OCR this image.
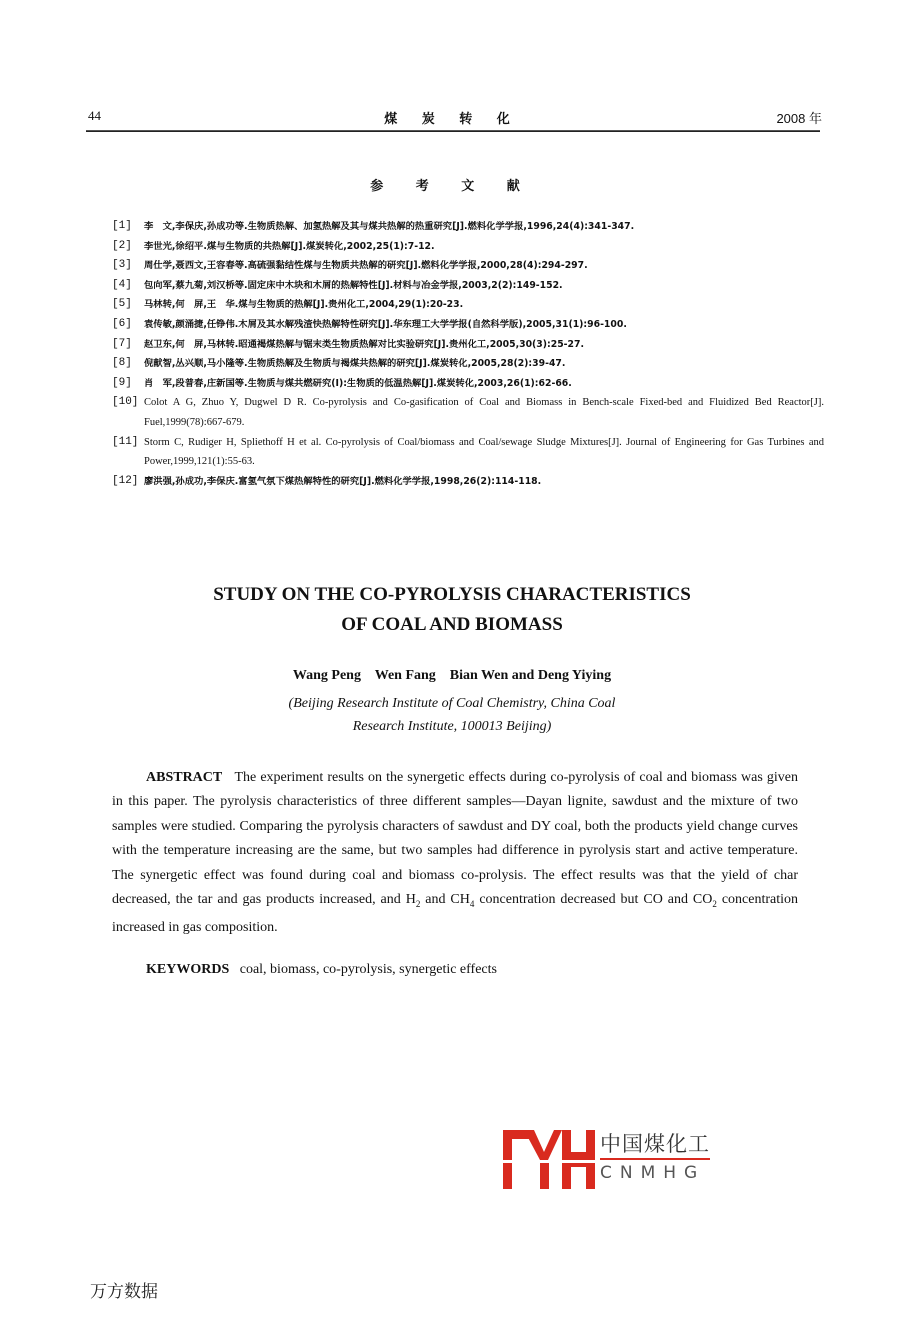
44	煤 炭 转 化	2008 年
参 考 文 献
[1] 李　文,李保庆,孙成功等.生物质热解、加氢热解及其与煤共热解的热重研究[J].燃料化学学报,1996,24(4):341-347.
[2] 李世光,徐绍平.煤与生物质的共热解[J].煤炭转化,2002,25(1):7-12.
[3] 周仕学,聂西文,王容春等.高硫强黏结性煤与生物质共热解的研究[J].燃料化学学报,2000,28(4):294-297.
[4] 包向军,蔡九菊,刘汉桥等.固定床中木块和木屑的热解特性[J].材料与冶金学报,2003,2(2):149-152.
[5] 马林转,何　屏,王　华.煤与生物质的热解[J].贵州化工,2004,29(1):20-23.
[6] 袁传敏,颜涌捷,任铮伟.木屑及其水解残渣快热解特性研究[J].华东理工大学学报(自然科学版),2005,31(1):96-100.
[7] 赵卫东,何　屏,马林转.昭通褐煤热解与锯末类生物质热解对比实验研究[J].贵州化工,2005,30(3):25-27.
[8] 倪献智,丛兴顺,马小隆等.生物质热解及生物质与褐煤共热解的研究[J].煤炭转化,2005,28(2):39-47.
[9] 肖　军,段普春,庄新国等.生物质与煤共燃研究(Ⅰ):生物质的低温热解[J].煤炭转化,2003,26(1):62-66.
[10] Colot A G, Zhuo Y, Dugwel D R. Co-pyrolysis and Co-gasification of Coal and Biomass in Bench-scale Fixed-bed and Fluidized Bed Reactor[J]. Fuel,1999(78):667-679.
[11] Storm C, Rudiger H, Spliethoff H et al. Co-pyrolysis of Coal/biomass and Coal/sewage Sludge Mixtures[J]. Journal of Engineering for Gas Turbines and Power,1999,121(1):55-63.
[12] 廖洪强,孙成功,李保庆.富氢气氛下煤热解特性的研究[J].燃料化学学报,1998,26(2):114-118.
STUDY ON THE CO-PYROLYSIS CHARACTERISTICS
OF COAL AND BIOMASS
Wang Peng    Wen Fang    Bian Wen and Deng Yiying
(Beijing Research Institute of Coal Chemistry, China Coal
Research Institute, 100013 Beijing)
ABSTRACT The experiment results on the synergetic effects during co-pyrolysis of coal and biomass was given in this paper. The pyrolysis characteristics of three different samples—Dayan lignite, sawdust and the mixture of two samples were studied. Comparing the pyrolysis characters of sawdust and DY coal, both the products yield change curves with the temperature increasing are the same, but two samples had difference in pyrolysis start and active temperature. The synergetic effect was found during coal and biomass co-prolysis. The effect results was that the yield of char decreased, the tar and gas products increased, and $H_2$ and $CH_4$ concentration decreased but CO and $CO_2$ concentration increased in gas composition.
KEYWORDS coal, biomass, co-pyrolysis, synergetic effects
中国煤化工
CNMHG
万方数据
